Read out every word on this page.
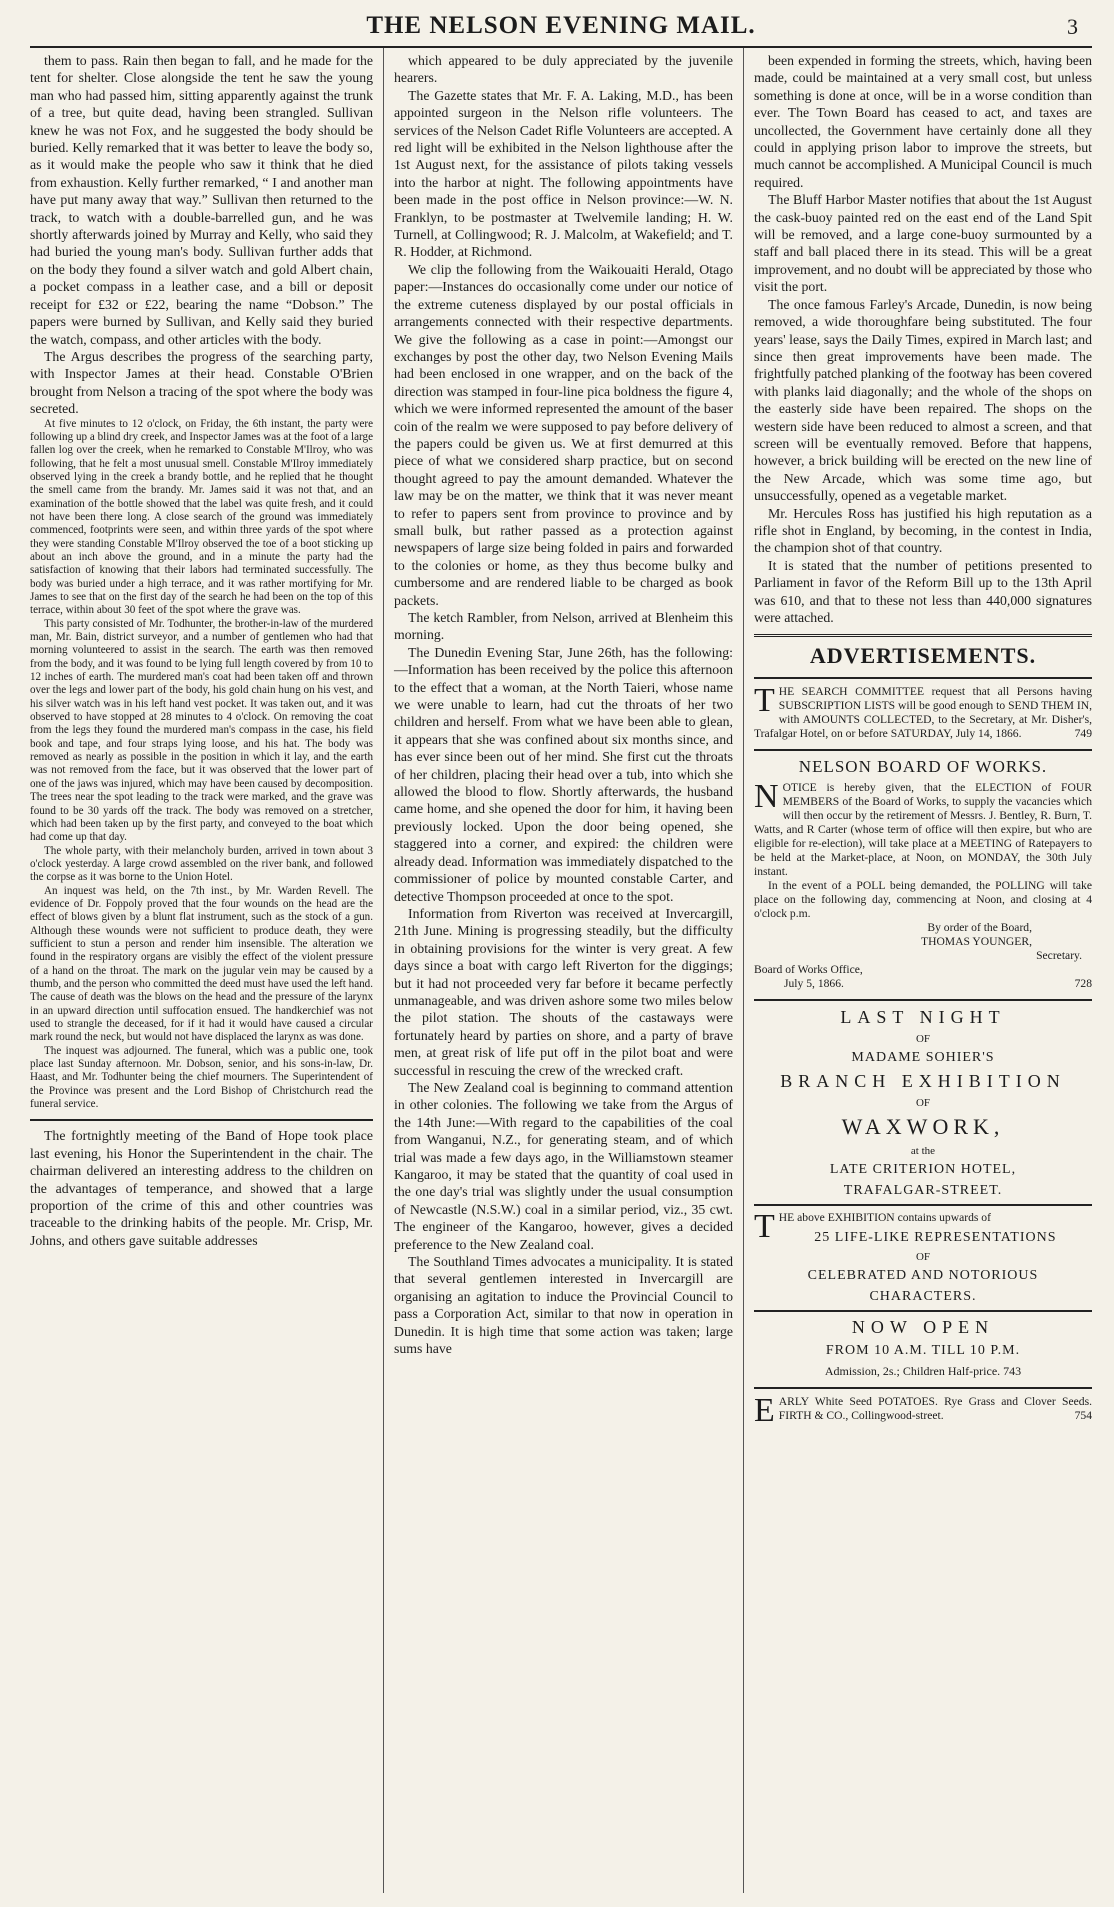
THE NELSON EVENING MAIL.	3

them to pass. Rain then began to fall, and he made for the tent for shelter. Close alongside the tent he saw the young man who had passed him, sitting apparently against the trunk of a tree, but quite dead, having been strangled. Sullivan knew he was not Fox, and he suggested the body should be buried. Kelly remarked that it was better to leave the body so, as it would make the people who saw it think that he died from exhaustion. Kelly further remarked, “ I and another man have put many away that way.” Sullivan then returned to the track, to watch with a double-barrelled gun, and he was shortly afterwards joined by Murray and Kelly, who said they had buried the young man's body. Sullivan further adds that on the body they found a silver watch and gold Albert chain, a pocket compass in a leather case, and a bill or deposit receipt for £32 or £22, bearing the name “Dobson.” The papers were burned by Sullivan, and Kelly said they buried the watch, compass, and other articles with the body.

The Argus describes the progress of the searching party, with Inspector James at their head. Constable O'Brien brought from Nelson a tracing of the spot where the body was secreted.

At five minutes to 12 o'clock, on Friday, the 6th instant, the party were following up a blind dry creek, and Inspector James was at the foot of a large fallen log over the creek, when he remarked to Constable M'Ilroy, who was following, that he felt a most unusual smell. Constable M'Ilroy immediately observed lying in the creek a brandy bottle, and he replied that he thought the smell came from the brandy. Mr. James said it was not that, and an examination of the bottle showed that the label was quite fresh, and it could not have been there long. A close search of the ground was immediately commenced, footprints were seen, and within three yards of the spot where they were standing Constable M'Ilroy observed the toe of a boot sticking up about an inch above the ground, and in a minute the party had the satisfaction of knowing that their labors had terminated successfully. The body was buried under a high terrace, and it was rather mortifying for Mr. James to see that on the first day of the search he had been on the top of this terrace, within about 30 feet of the spot where the grave was.

This party consisted of Mr. Todhunter, the brother-in-law of the murdered man, Mr. Bain, district surveyor, and a number of gentlemen who had that morning volunteered to assist in the search. The earth was then removed from the body, and it was found to be lying full length covered by from 10 to 12 inches of earth. The murdered man's coat had been taken off and thrown over the legs and lower part of the body, his gold chain hung on his vest, and his silver watch was in his left hand vest pocket. It was taken out, and it was observed to have stopped at 28 minutes to 4 o'clock. On removing the coat from the legs they found the murdered man's compass in the case, his field book and tape, and four straps lying loose, and his hat. The body was removed as nearly as possible in the position in which it lay, and the earth was not removed from the face, but it was observed that the lower part of one of the jaws was injured, which may have been caused by decomposition. The trees near the spot leading to the track were marked, and the grave was found to be 30 yards off the track. The body was removed on a stretcher, which had been taken up by the first party, and conveyed to the boat which had come up that day.

The whole party, with their melancholy burden, arrived in town about 3 o'clock yesterday. A large crowd assembled on the river bank, and followed the corpse as it was borne to the Union Hotel.

An inquest was held, on the 7th inst., by Mr. Warden Revell. The evidence of Dr. Foppoly proved that the four wounds on the head are the effect of blows given by a blunt flat instrument, such as the stock of a gun. Although these wounds were not sufficient to produce death, they were sufficient to stun a person and render him insensible. The alteration we found in the respiratory organs are visibly the effect of the violent pressure of a hand on the throat. The mark on the jugular vein may be caused by a thumb, and the person who committed the deed must have used the left hand. The cause of death was the blows on the head and the pressure of the larynx in an upward direction until suffocation ensued. The handkerchief was not used to strangle the deceased, for if it had it would have caused a circular mark round the neck, but would not have displaced the larynx as was done.

The inquest was adjourned. The funeral, which was a public one, took place last Sunday afternoon. Mr. Dobson, senior, and his sons-in-law, Dr. Haast, and Mr. Todhunter being the chief mourners. The Superintendent of the Province was present and the Lord Bishop of Christchurch read the funeral service.

The fortnightly meeting of the Band of Hope took place last evening, his Honor the Superintendent in the chair. The chairman delivered an interesting address to the children on the advantages of temperance, and showed that a large proportion of the crime of this and other countries was traceable to the drinking habits of the people. Mr. Crisp, Mr. Johns, and others gave suitable addresses

which appeared to be duly appreciated by the juvenile hearers.

The Gazette states that Mr. F. A. Laking, M.D., has been appointed surgeon in the Nelson rifle volunteers. The services of the Nelson Cadet Rifle Volunteers are accepted. A red light will be exhibited in the Nelson lighthouse after the 1st August next, for the assistance of pilots taking vessels into the harbor at night. The following appointments have been made in the post office in Nelson province:—W. N. Franklyn, to be postmaster at Twelvemile landing; H. W. Turnell, at Collingwood; R. J. Malcolm, at Wakefield; and T. R. Hodder, at Richmond.

We clip the following from the Waikouaiti Herald, Otago paper:—Instances do occasionally come under our notice of the extreme cuteness displayed by our postal officials in arrangements connected with their respective departments. We give the following as a case in point:—Amongst our exchanges by post the other day, two Nelson Evening Mails had been enclosed in one wrapper, and on the back of the direction was stamped in four-line pica boldness the figure 4, which we were informed represented the amount of the baser coin of the realm we were supposed to pay before delivery of the papers could be given us. We at first demurred at this piece of what we considered sharp practice, but on second thought agreed to pay the amount demanded. Whatever the law may be on the matter, we think that it was never meant to refer to papers sent from province to province and by small bulk, but rather passed as a protection against newspapers of large size being folded in pairs and forwarded to the colonies or home, as they thus become bulky and cumbersome and are rendered liable to be charged as book packets.

The ketch Rambler, from Nelson, arrived at Blenheim this morning.

The Dunedin Evening Star, June 26th, has the following:—Information has been received by the police this afternoon to the effect that a woman, at the North Taieri, whose name we were unable to learn, had cut the throats of her two children and herself. From what we have been able to glean, it appears that she was confined about six months since, and has ever since been out of her mind. She first cut the throats of her children, placing their head over a tub, into which she allowed the blood to flow. Shortly afterwards, the husband came home, and she opened the door for him, it having been previously locked. Upon the door being opened, she staggered into a corner, and expired: the children were already dead. Information was immediately dispatched to the commissioner of police by mounted constable Carter, and detective Thompson proceeded at once to the spot.

Information from Riverton was received at Invercargill, 21th June. Mining is progressing steadily, but the difficulty in obtaining provisions for the winter is very great. A few days since a boat with cargo left Riverton for the diggings; but it had not proceeded very far before it became perfectly unmanageable, and was driven ashore some two miles below the pilot station. The shouts of the castaways were fortunately heard by parties on shore, and a party of brave men, at great risk of life put off in the pilot boat and were successful in rescuing the crew of the wrecked craft.

The New Zealand coal is beginning to command attention in other colonies. The following we take from the Argus of the 14th June:—With regard to the capabilities of the coal from Wanganui, N.Z., for generating steam, and of which trial was made a few days ago, in the Williamstown steamer Kangaroo, it may be stated that the quantity of coal used in the one day's trial was slightly under the usual consumption of Newcastle (N.S.W.) coal in a similar period, viz., 35 cwt. The engineer of the Kangaroo, however, gives a decided preference to the New Zealand coal.

The Southland Times advocates a municipality. It is stated that several gentlemen interested in Invercargill are organising an agitation to induce the Provincial Council to pass a Corporation Act, similar to that now in operation in Dunedin. It is high time that some action was taken; large sums have

been expended in forming the streets, which, having been made, could be maintained at a very small cost, but unless something is done at once, will be in a worse condition than ever. The Town Board has ceased to act, and taxes are uncollected, the Government have certainly done all they could in applying prison labor to improve the streets, but much cannot be accomplished. A Municipal Council is much required.

The Bluff Harbor Master notifies that about the 1st August the cask-buoy painted red on the east end of the Land Spit will be removed, and a large cone-buoy surmounted by a staff and ball placed there in its stead. This will be a great improvement, and no doubt will be appreciated by those who visit the port.

The once famous Farley's Arcade, Dunedin, is now being removed, a wide thoroughfare being substituted. The four years' lease, says the Daily Times, expired in March last; and since then great improvements have been made. The frightfully patched planking of the footway has been covered with planks laid diagonally; and the whole of the shops on the easterly side have been repaired. The shops on the western side have been reduced to almost a screen, and that screen will be eventually removed. Before that happens, however, a brick building will be erected on the new line of the New Arcade, which was some time ago, but unsuccessfully, opened as a vegetable market.

Mr. Hercules Ross has justified his high reputation as a rifle shot in England, by becoming, in the contest in India, the champion shot of that country.

It is stated that the number of petitions presented to Parliament in favor of the Reform Bill up to the 13th April was 610, and that to these not less than 440,000 signatures were attached.

ADVERTISEMENTS.

THE SEARCH COMMITTEE request that all Persons having SUBSCRIPTION LISTS will be good enough to SEND THEM IN, with AMOUNTS COLLECTED, to the Secretary, at Mr. Disher's, Trafalgar Hotel, on or before SATURDAY, July 14, 1866.	749

NELSON BOARD OF WORKS.

NOTICE is hereby given, that the ELECTION of FOUR MEMBERS of the Board of Works, to supply the vacancies which will then occur by the retirement of Messrs. J. Bentley, R. Burn, T. Watts, and R Carter (whose term of office will then expire, but who are eligible for re-election), will take place at a MEETING of Ratepayers to be held at the Market-place, at Noon, on MONDAY, the 30th July instant.

In the event of a POLL being demanded, the POLLING will take place on the following day, commencing at Noon, and closing at 4 o'clock p.m.

By order of the Board,

THOMAS YOUNGER,

Secretary.

Board of Works Office,

July 5, 1866.	728

LAST NIGHT
OF
MADAME SOHIER'S
BRANCH EXHIBITION
OF
WAXWORK,
at the
LATE CRITERION HOTEL,
TRAFALGAR-STREET.

THE above EXHIBITION contains upwards of

25 LIFE-LIKE REPRESENTATIONS
OF
CELEBRATED AND NOTORIOUS
CHARACTERS.
NOW OPEN
FROM 10 A.M. TILL 10 P.M.
Admission, 2s.; Children Half-price. 743

EARLY White Seed POTATOES. Rye Grass and Clover Seeds. FIRTH & CO., Collingwood-street.	754
